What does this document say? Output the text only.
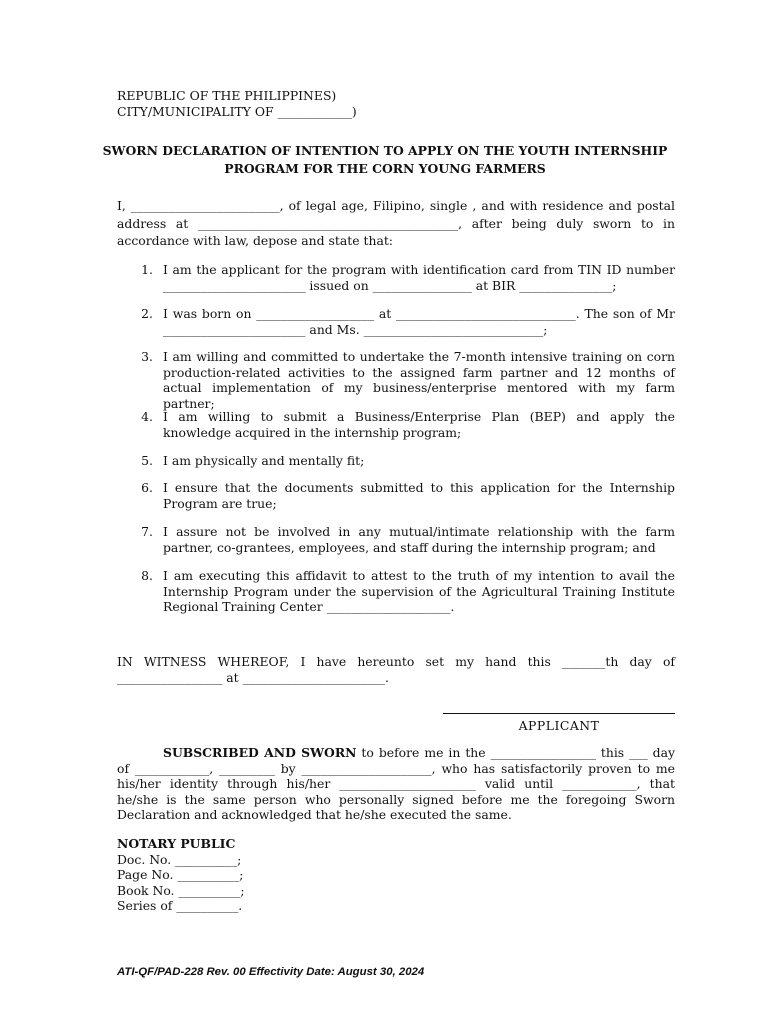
REPUBLIC OF THE PHILIPPINES)
CITY/MUNICIPALITY OF ____________)
SWORN DECLARATION OF INTENTION TO APPLY ON THE YOUTH INTERNSHIP
PROGRAM FOR THE CORN YOUNG FARMERS
I, ________________________, of legal age, Filipino, single , and with residence and postal address at __________________________________________, after being duly sworn to in accordance with law, depose and state that:
1. I am the applicant for the program with identification card from TIN ID number _______________________ issued on ________________ at BIR _______________;
2. I was born on ___________________ at _____________________________. The son of Mr _______________________ and Ms. _____________________________;
3. I am willing and committed to undertake the 7-month intensive training on corn production-related activities to the assigned farm partner and 12 months of actual implementation of my business/enterprise mentored with my farm partner;
4. I am willing to submit a Business/Enterprise Plan (BEP) and apply the knowledge acquired in the internship program;
5. I am physically and mentally fit;
6. I ensure that the documents submitted to this application for the Internship Program are true;
7. I assure not be involved in any mutual/intimate relationship with the farm partner, co-grantees, employees, and staff during the internship program; and
8. I am executing this affidavit to attest to the truth of my intention to avail the Internship Program under the supervision of the Agricultural Training Institute Regional Training Center ____________________.
IN WITNESS WHEREOF, I have hereunto set my hand this _______th day of _________________ at _______________________.
APPLICANT
SUBSCRIBED AND SWORN to before me in the _________________ this ___ day of ____________, _________ by _____________________, who has satisfactorily proven to me his/her identity through his/her ______________________ valid until ____________, that he/she is the same person who personally signed before me the foregoing Sworn Declaration and acknowledged that he/she executed the same.
NOTARY PUBLIC
Doc. No. __________;
Page No. __________;
Book No. __________;
Series of __________.
ATI-QF/PAD-228 Rev. 00 Effectivity Date: August 30, 2024
